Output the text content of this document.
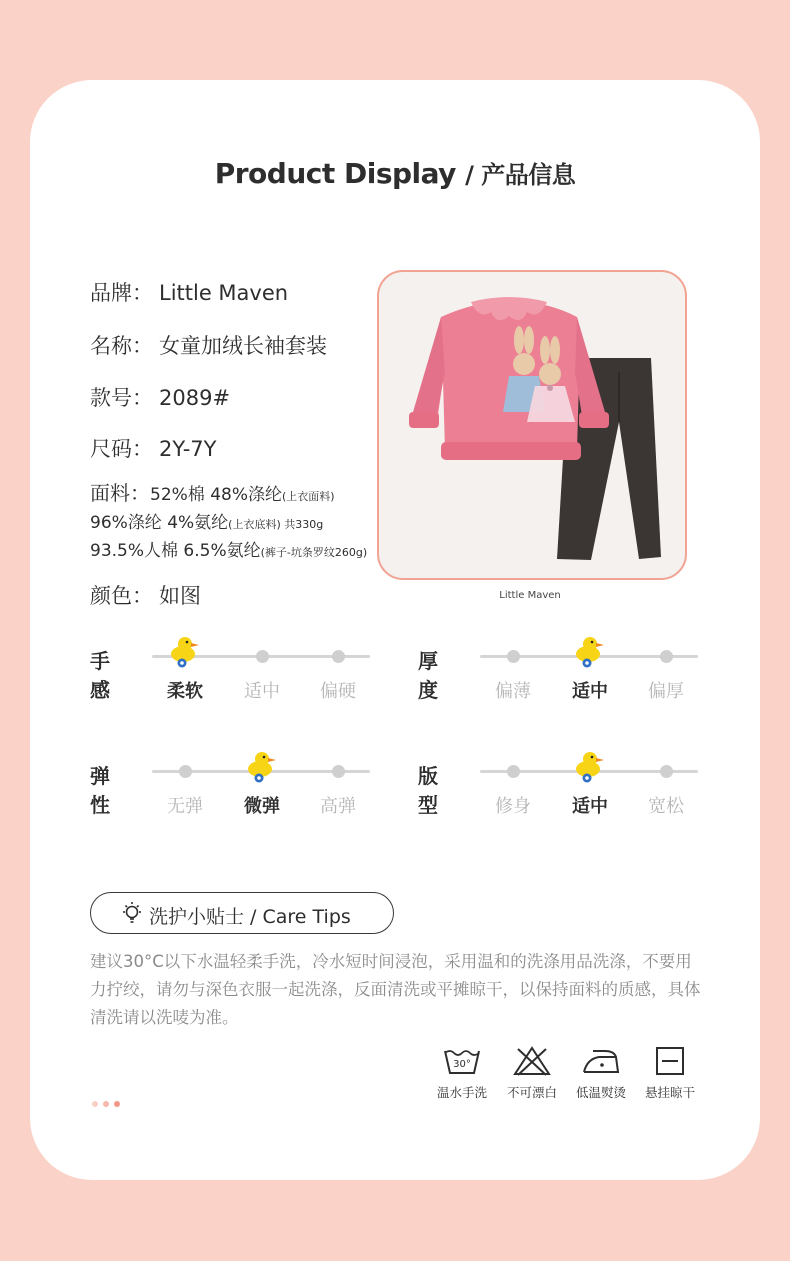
Product Display / 产品信息
品牌： Little Maven
名称： 女童加绒长袖套装
款号： 2089#
尺码： 2Y-7Y
面料：52%棉 48%涤纶(上衣面料)
96%涤纶 4%氨纶(上衣底料) 共330g
93.5%人棉 6.5%氨纶(裤子-坑条罗纹260g)
颜色： 如图	Little Maven
手感	柔软	适中	偏硬
厚度	偏薄	适中	偏厚
弹性	无弹	微弹	高弹
版型	修身	适中	宽松
洗护小贴士 / Care Tips
建议30°C以下水温轻柔手洗，冷水短时间浸泡，采用温和的洗涤用品洗涤，不要用力拧绞，请勿与深色衣服一起洗涤，反面清洗或平摊晾干，以保持面料的质感，具体清洗请以洗唛为准。
30°
温水手洗	不可漂白	低温熨烫	悬挂晾干
